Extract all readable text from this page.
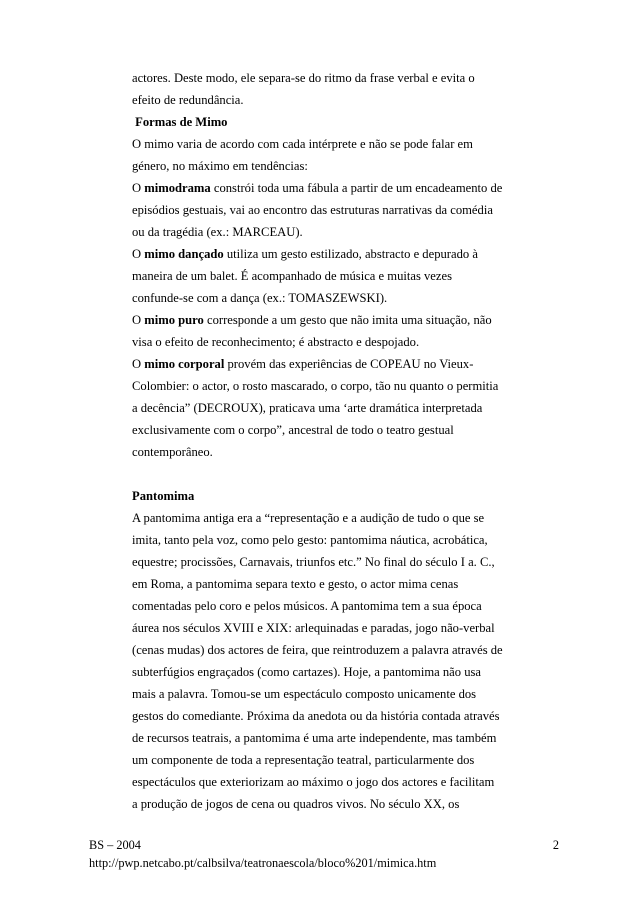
actores. Deste modo, ele separa-se do ritmo da frase verbal e evita o
efeito de redundância.
Formas de Mimo
O mimo varia de acordo com cada intérprete e não se pode falar em
género, no máximo em tendências:
O mimodrama constrói toda uma fábula a partir de um encadeamento de
episódios gestuais, vai ao encontro das estruturas narrativas da comédia
ou da tragédia (ex.: MARCEAU).
O mimo dançado utiliza um gesto estilizado, abstracto e depurado à
maneira de um balet. É acompanhado de música e muitas vezes
confunde-se com a dança (ex.: TOMASZEWSKI).
O mimo puro corresponde a um gesto que não imita uma situação, não
visa o efeito de reconhecimento; é abstracto e despojado.
O mimo corporal provém das experiências de COPEAU no Vieux-
Colombier: o actor, o rosto mascarado, o corpo, tão nu quanto o permitia
a decência” (DECROUX), praticava uma ‘arte dramática interpretada
exclusivamente com o corpo”, ancestral de todo o teatro gestual
contemporâneo.
Pantomima
A pantomima antiga era a “representação e a audição de tudo o que se
imita, tanto pela voz, como pelo gesto: pantomima náutica, acrobática,
equestre; procissões, Carnavais, triunfos etc.” No final do século I a. C.,
em Roma, a pantomima separa texto e gesto, o actor mima cenas
comentadas pelo coro e pelos músicos. A pantomima tem a sua época
áurea nos séculos XVIII e XIX: arlequinadas e paradas, jogo não-verbal
(cenas mudas) dos actores de feira, que reintroduzem a palavra através de
subterfúgios engraçados (como cartazes). Hoje, a pantomima não usa
mais a palavra. Tomou-se um espectáculo composto unicamente dos
gestos do comediante. Próxima da anedota ou da história contada através
de recursos teatrais, a pantomima é uma arte independente, mas também
um componente de toda a representação teatral, particularmente dos
espectáculos que exteriorizam ao máximo o jogo dos actores e facilitam
a produção de jogos de cena ou quadros vivos. No século XX, os
BS – 2004	2
http://pwp.netcabo.pt/calbsilva/teatronaescola/bloco%201/mimica.htm
